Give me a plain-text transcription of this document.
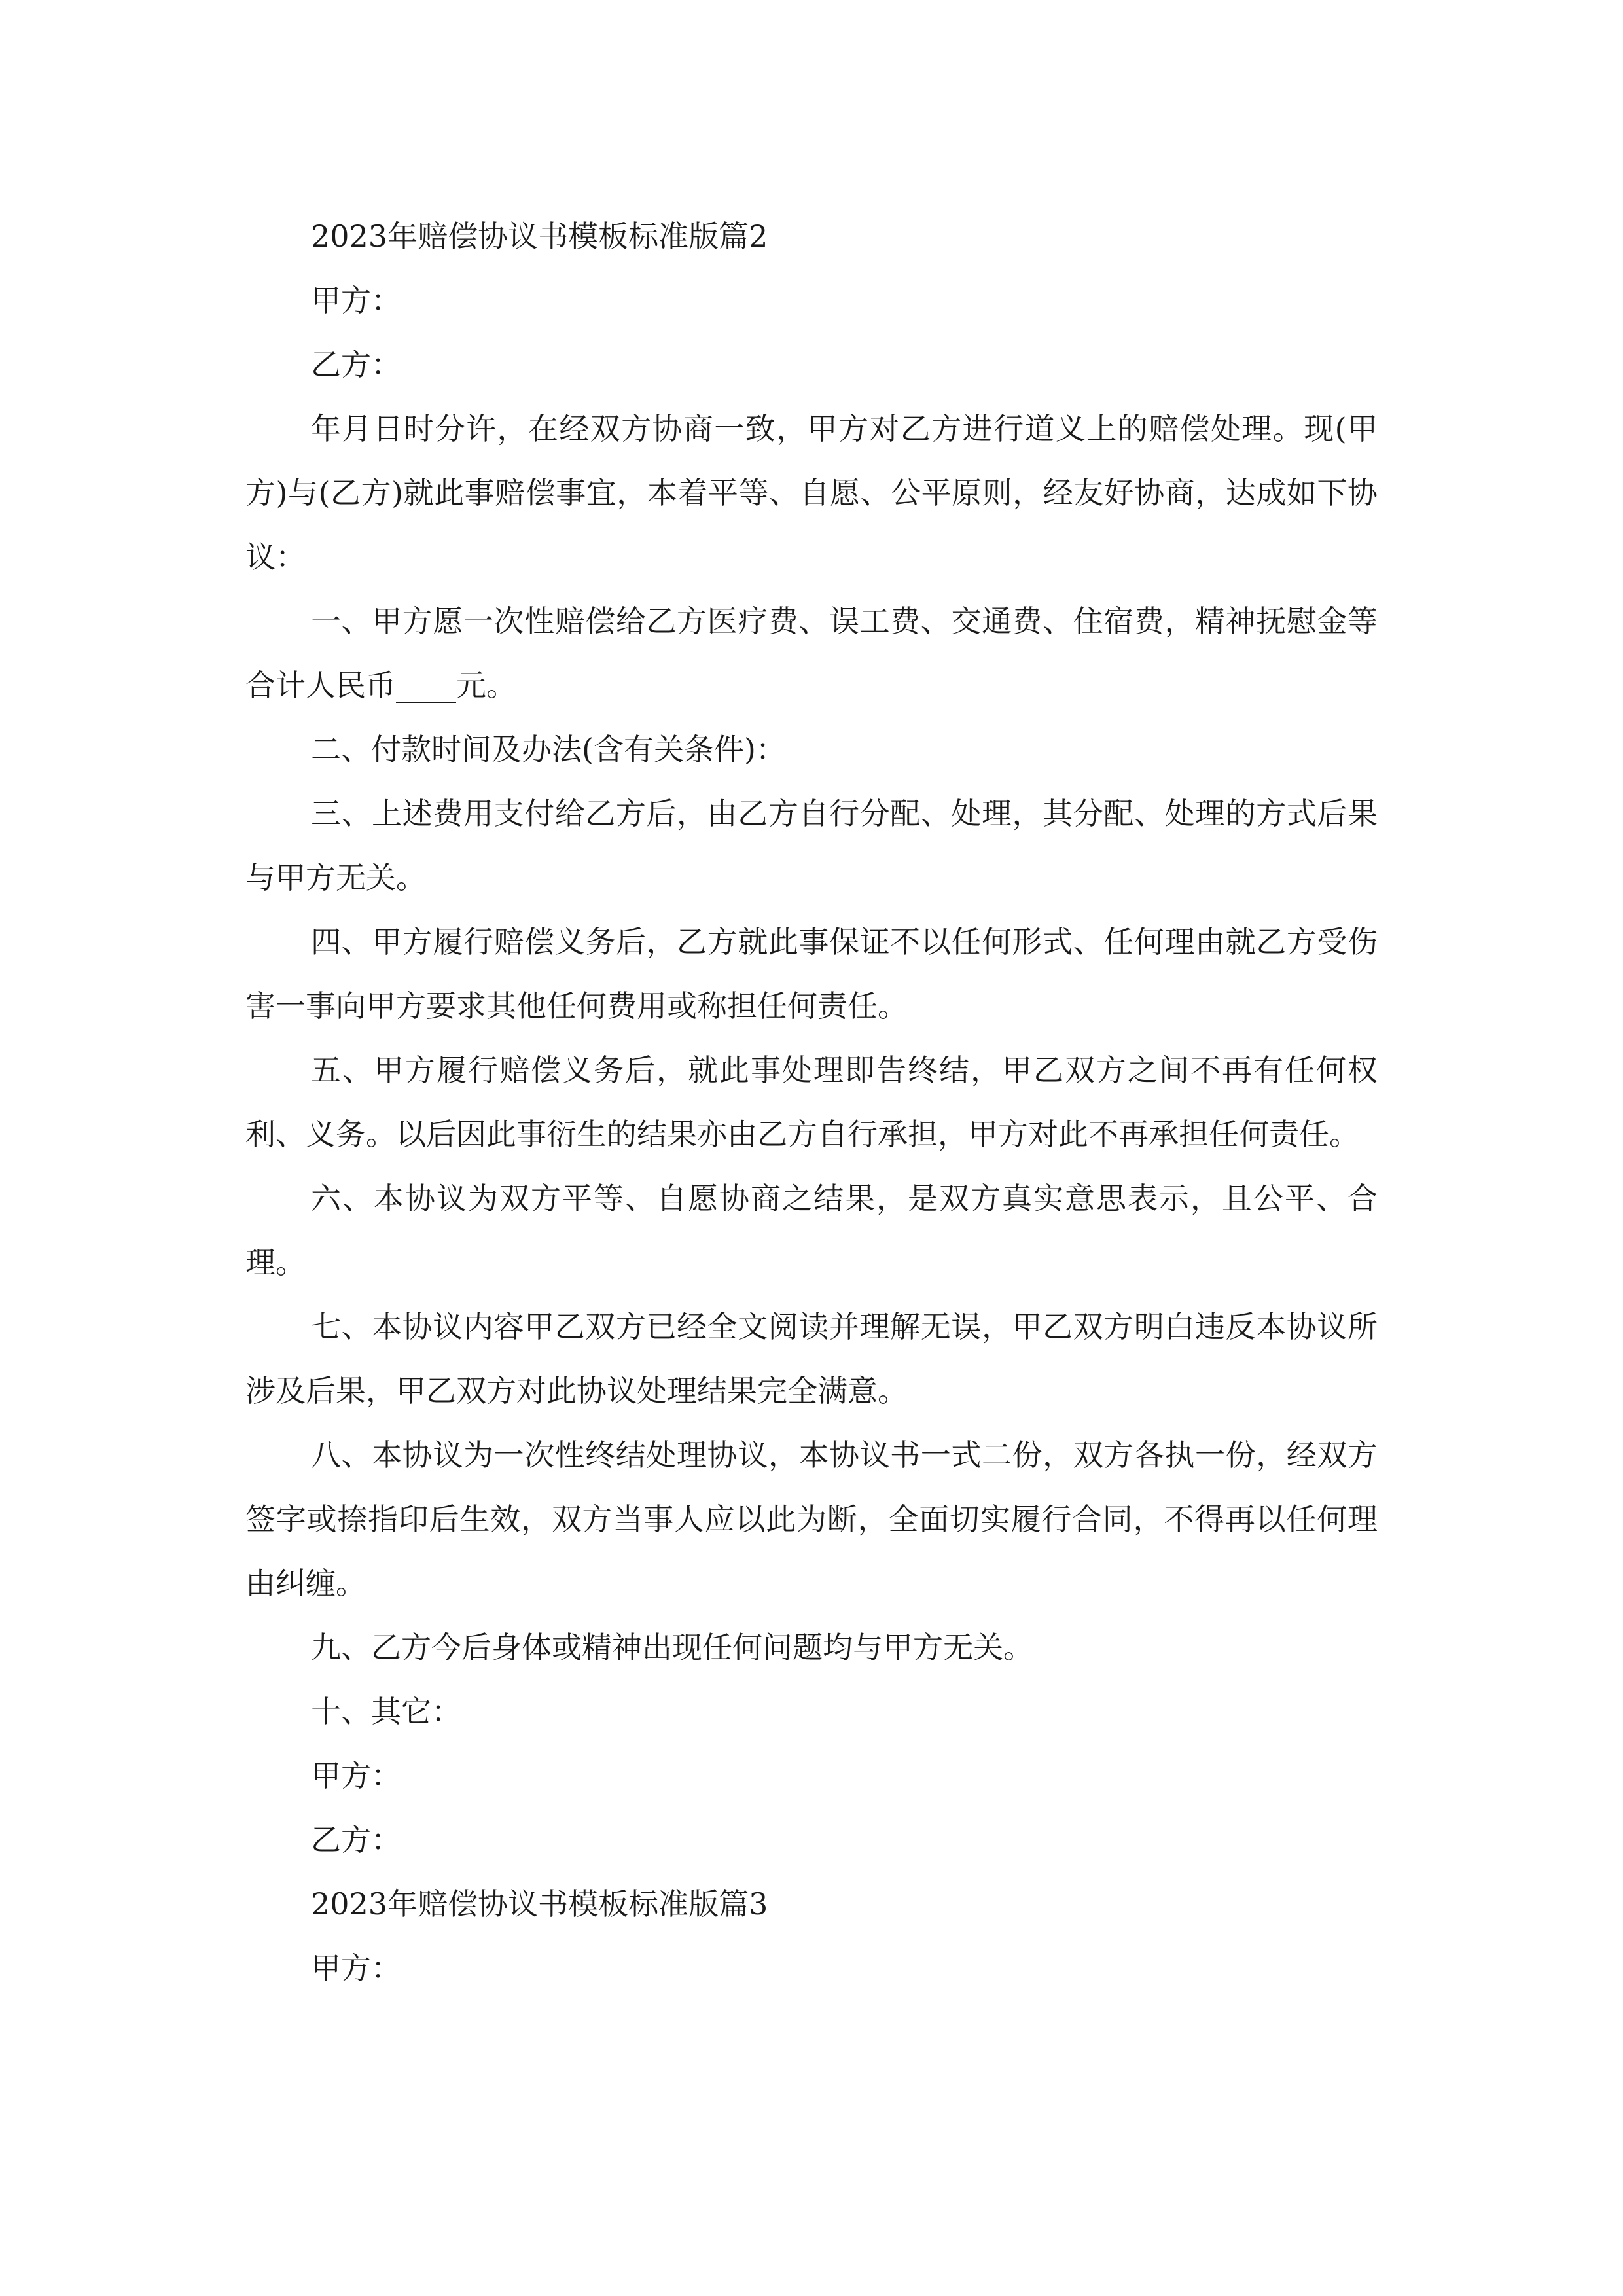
2023年赔偿协议书模板标准版篇2

甲方：

乙方：

年月日时分许，在经双方协商一致，甲方对乙方进行道义上的赔偿处理。现(甲方)与(乙方)就此事赔偿事宜，本着平等、自愿、公平原则，经友好协商，达成如下协议：

一、甲方愿一次性赔偿给乙方医疗费、误工费、交通费、住宿费，精神抚慰金等合计人民币____元。

二、付款时间及办法(含有关条件)：

三、上述费用支付给乙方后，由乙方自行分配、处理，其分配、处理的方式后果与甲方无关。

四、甲方履行赔偿义务后，乙方就此事保证不以任何形式、任何理由就乙方受伤害一事向甲方要求其他任何费用或称担任何责任。

五、甲方履行赔偿义务后，就此事处理即告终结，甲乙双方之间不再有任何权利、义务。以后因此事衍生的结果亦由乙方自行承担，甲方对此不再承担任何责任。

六、本协议为双方平等、自愿协商之结果，是双方真实意思表示，且公平、合理。

七、本协议内容甲乙双方已经全文阅读并理解无误，甲乙双方明白违反本协议所涉及后果，甲乙双方对此协议处理结果完全满意。

八、本协议为一次性终结处理协议，本协议书一式二份，双方各执一份，经双方签字或捺指印后生效，双方当事人应以此为断，全面切实履行合同，不得再以任何理由纠缠。

九、乙方今后身体或精神出现任何问题均与甲方无关。

十、其它：

甲方：

乙方：

2023年赔偿协议书模板标准版篇3

甲方：
